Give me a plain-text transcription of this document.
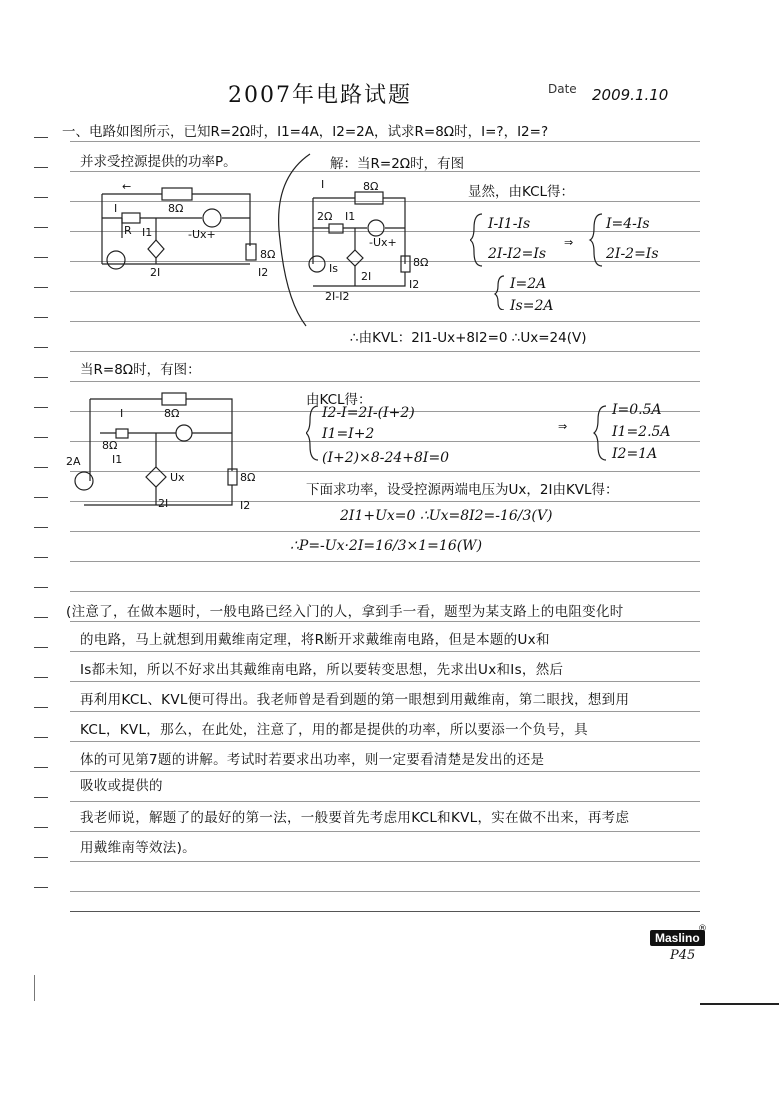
2007年电路试题	Date 2009.1.10
一、电路如图所示，已知R=2Ω时，I1=4A，I2=2A，试求R=8Ω时，I=?，I2=?
并求受控源提供的功率P。	解：当R=2Ω时，有图
显然，由KCL得：
⇒
I-I1-Is
2I-I2=Is
I=4-Is
2I-2=Is
I=2A
Is=2A
∴由KVL：2I1-Ux+8I2=0 ∴Ux=24(V)
←
8Ω
I
R	-Ux+
I1
2I
8Ω
I2
I	8Ω
2Ω I1
-Ux+
Is
2I
8Ω
I2
2I-I2
当R=8Ω时，有图：
由KCL得：
⇒
I2-I=2I-(I+2)
I1=I+2
(I+2)×8-24+8I=0
I=0.5A
I1=2.5A
I2=1A
下面求功率，设受控源两端电压为Ux，2I由KVL得：
2I1+Ux=0 ∴Ux=8I2=-16/3(V)
∴P=-Ux·2I=16/3×1=16(W)
8Ω
I
8Ω
I1
2A
Ux
2I
8Ω
I2
(注意了，在做本题时，一般电路已经入门的人，拿到手一看，题型为某支路上的电阻变化时
的电路，马上就想到用戴维南定理，将R断开求戴维南电路，但是本题的Ux和
Is都未知，所以不好求出其戴维南电路，所以要转变思想，先求出Ux和Is，然后
再利用KCL、KVL便可得出。我老师曾是看到题的第一眼想到用戴维南，第二眼找，想到用
KCL，KVL，那么，在此处，注意了，用的都是提供的功率，所以要添一个负号，具
体的可见第7题的讲解。考试时若要求出功率，则一定要看清楚是发出的还是
吸收或提供的
我老师说，解题了的最好的第一法，一般要首先考虑用KCL和KVL，实在做不出来，再考虑
用戴维南等效法)。
Maslino
®
P45
